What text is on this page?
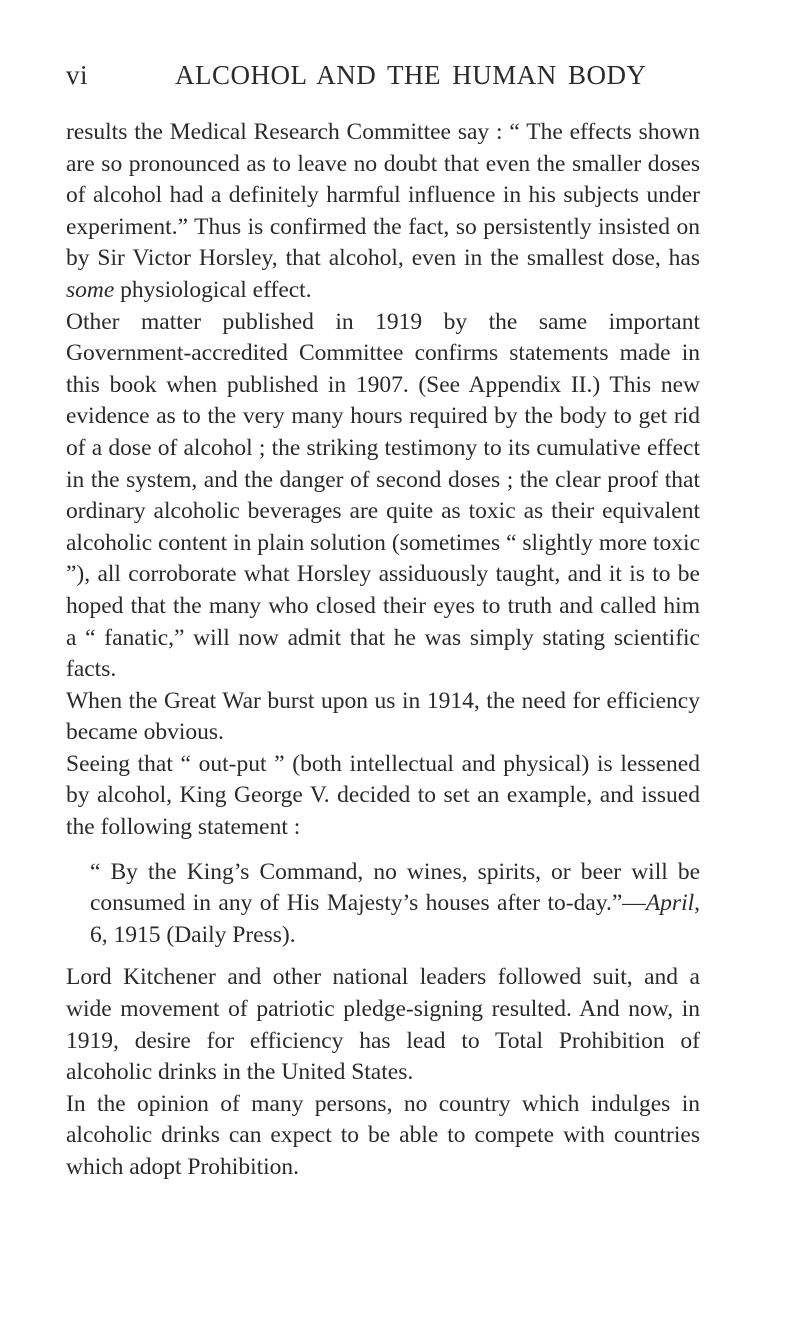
vi	ALCOHOL AND THE HUMAN BODY

results the Medical Research Committee say : “ The effects shown are so pronounced as to leave no doubt that even the smaller doses of alcohol had a definitely harmful influence in his subjects under experiment.” Thus is confirmed the fact, so persistently insisted on by Sir Victor Horsley, that alcohol, even in the smallest dose, has some physiological effect.

Other matter published in 1919 by the same important Government-accredited Committee confirms statements made in this book when published in 1907. (See Appendix II.) This new evidence as to the very many hours required by the body to get rid of a dose of alcohol ; the striking testimony to its cumulative effect in the system, and the danger of second doses ; the clear proof that ordinary alcoholic beverages are quite as toxic as their equivalent alcoholic content in plain solution (sometimes “ slightly more toxic ”), all corroborate what Horsley assiduously taught, and it is to be hoped that the many who closed their eyes to truth and called him a “ fanatic,” will now admit that he was simply stating scientific facts.

When the Great War burst upon us in 1914, the need for efficiency became obvious.

Seeing that “ out-put ” (both intellectual and physical) is lessened by alcohol, King George V. decided to set an example, and issued the following statement :

“ By the King’s Command, no wines, spirits, or beer will be consumed in any of His Majesty’s houses after to-day.”—April, 6, 1915 (Daily Press).

Lord Kitchener and other national leaders followed suit, and a wide movement of patriotic pledge-signing resulted. And now, in 1919, desire for efficiency has lead to Total Prohibition of alcoholic drinks in the United States.

In the opinion of many persons, no country which indulges in alcoholic drinks can expect to be able to compete with countries which adopt Prohibition.
